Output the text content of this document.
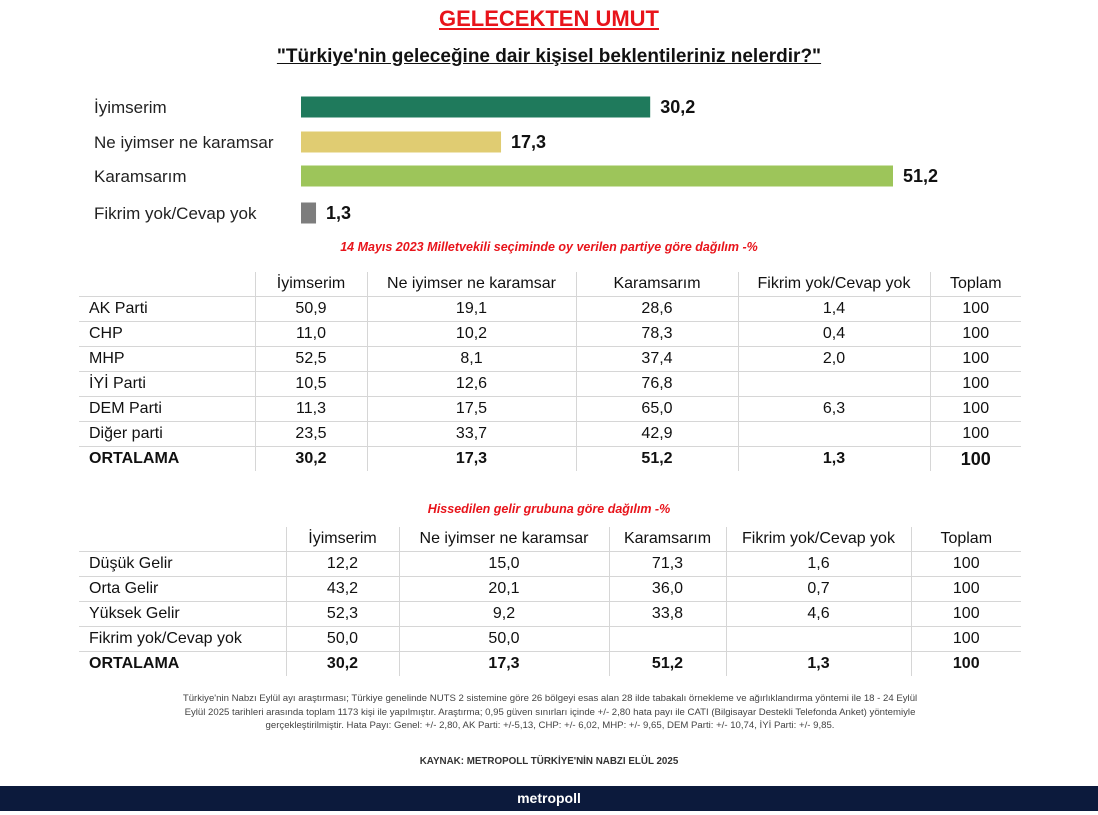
GELECEKTEN UMUT
"Türkiye'nin geleceğine dair kişisel beklentileriniz nelerdir?"
İyimserim	30,2
Ne iyimser ne karamsar	17,3
Karamsarım	51,2
Fikrim yok/Cevap yok	1,3
14 Mayıs 2023 Milletvekili seçiminde oy verilen partiye göre dağılım -%
	İyimserim	Ne iyimser ne karamsar	Karamsarım	Fikrim yok/Cevap yok	Toplam
AK Parti	50,9	19,1	28,6	1,4	100
CHP	11,0	10,2	78,3	0,4	100
MHP	52,5	8,1	37,4	2,0	100
İYİ Parti	10,5	12,6	76,8		100
DEM Parti	11,3	17,5	65,0	6,3	100
Diğer parti	23,5	33,7	42,9		100
ORTALAMA	30,2	17,3	51,2	1,3	100
Hissedilen gelir grubuna göre dağılım -%
	İyimserim	Ne iyimser ne karamsar	Karamsarım	Fikrim yok/Cevap yok	Toplam
Düşük Gelir	12,2	15,0	71,3	1,6	100
Orta Gelir	43,2	20,1	36,0	0,7	100
Yüksek Gelir	52,3	9,2	33,8	4,6	100
Fikrim yok/Cevap yok	50,0	50,0			100
ORTALAMA	30,2	17,3	51,2	1,3	100
Türkiye'nin Nabzı Eylül ayı araştırması; Türkiye genelinde NUTS 2 sistemine göre 26 bölgeyi esas alan 28 ilde tabakalı örnekleme ve ağırlıklandırma yöntemi ile 18 - 24 Eylül
Eylül 2025 tarihleri arasında toplam 1173 kişi ile yapılmıştır. Araştırma; 0,95 güven sınırları içinde +/- 2,80 hata payı ile CATI (Bilgisayar Destekli Telefonda Anket) yöntemiyle
gerçekleştirilmiştir. Hata Payı: Genel: +/- 2,80, AK Parti: +/-5,13, CHP: +/- 6,02, MHP: +/- 9,65, DEM Parti: +/- 10,74, İYİ Parti: +/- 9,85.
KAYNAK: METROPOLL TÜRKİYE'NİN NABZI ELÜL 2025
metropoll
